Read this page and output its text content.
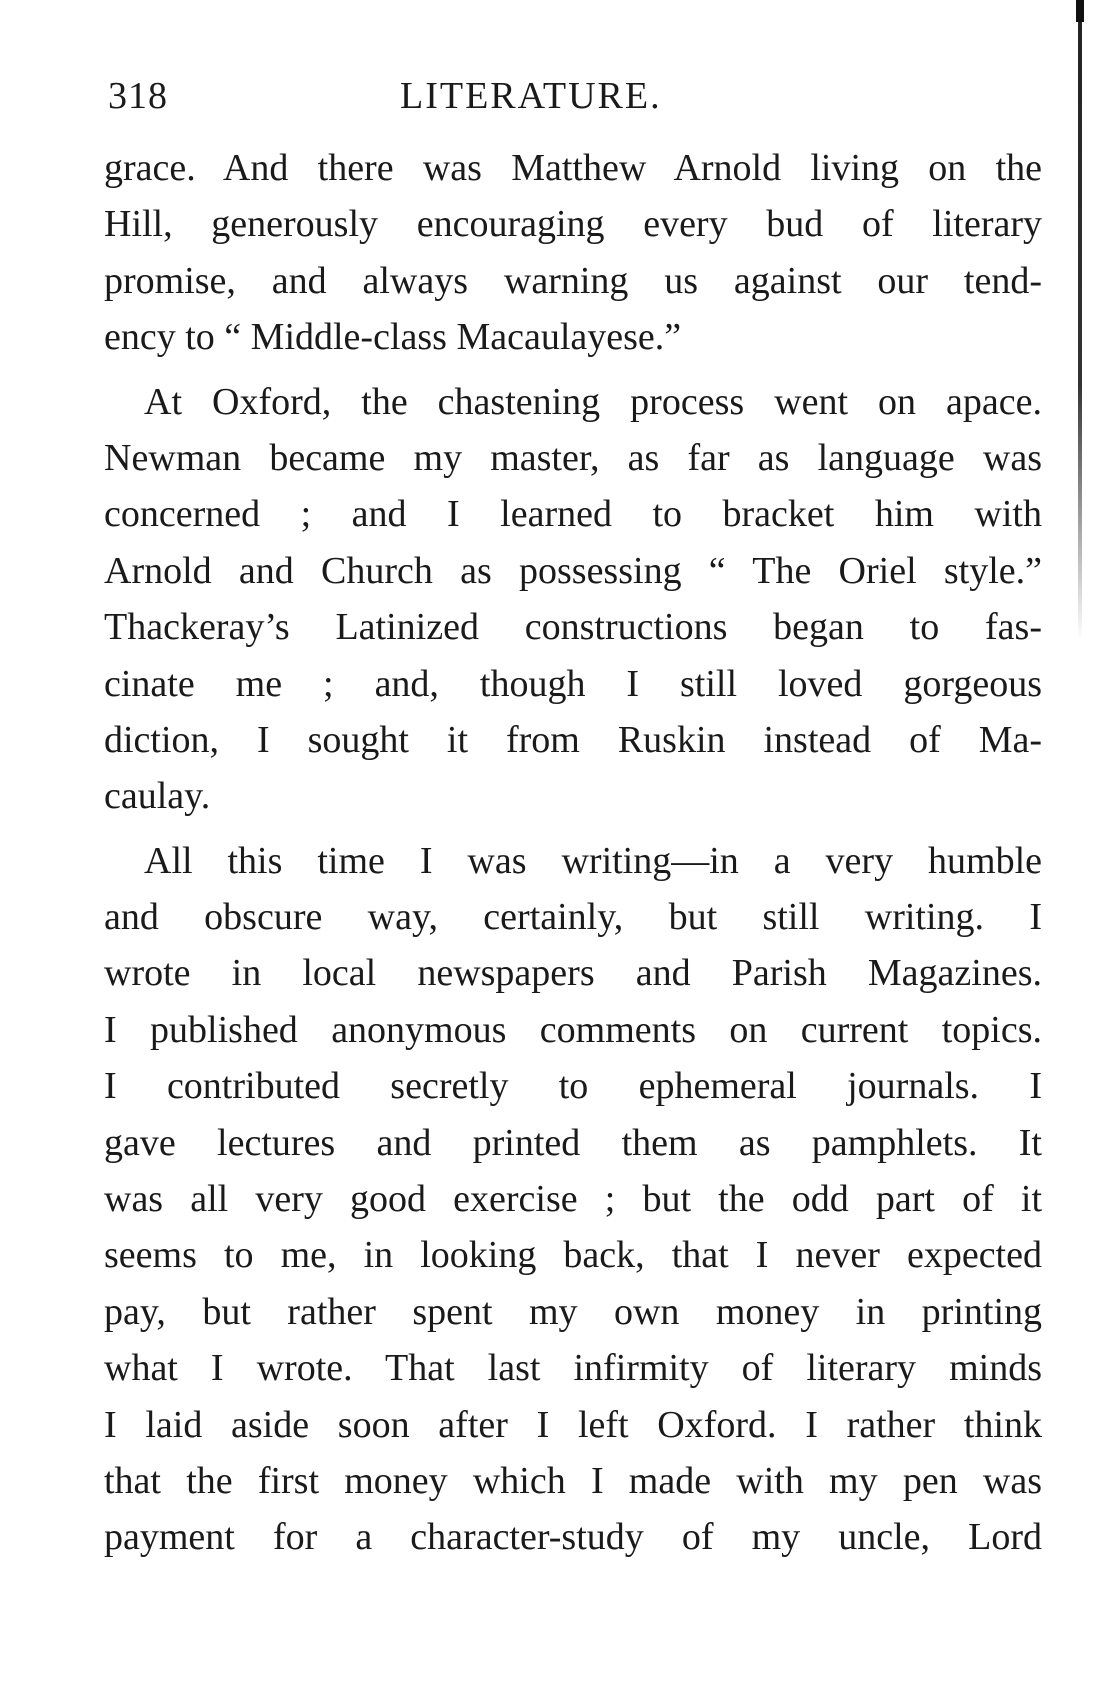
318	LITERATURE.
grace. And there was Matthew Arnold living on the
Hill, generously encouraging every bud of literary
promise, and always warning us against our tend-
ency to “ Middle-class Macaulayese.”
At Oxford, the chastening process went on apace.
Newman became my master, as far as language was
concerned ; and I learned to bracket him with
Arnold and Church as possessing “ The Oriel style.”
Thackeray’s Latinized constructions began to fas-
cinate me ; and, though I still loved gorgeous
diction, I sought it from Ruskin instead of Ma-
caulay.
All this time I was writing—in a very humble
and obscure way, certainly, but still writing. I
wrote in local newspapers and Parish Magazines.
I published anonymous comments on current topics.
I contributed secretly to ephemeral journals. I
gave lectures and printed them as pamphlets. It
was all very good exercise ; but the odd part of it
seems to me, in looking back, that I never expected
pay, but rather spent my own money in printing
what I wrote. That last infirmity of literary minds
I laid aside soon after I left Oxford. I rather think
that the first money which I made with my pen was
payment for a character-study of my uncle, Lord
